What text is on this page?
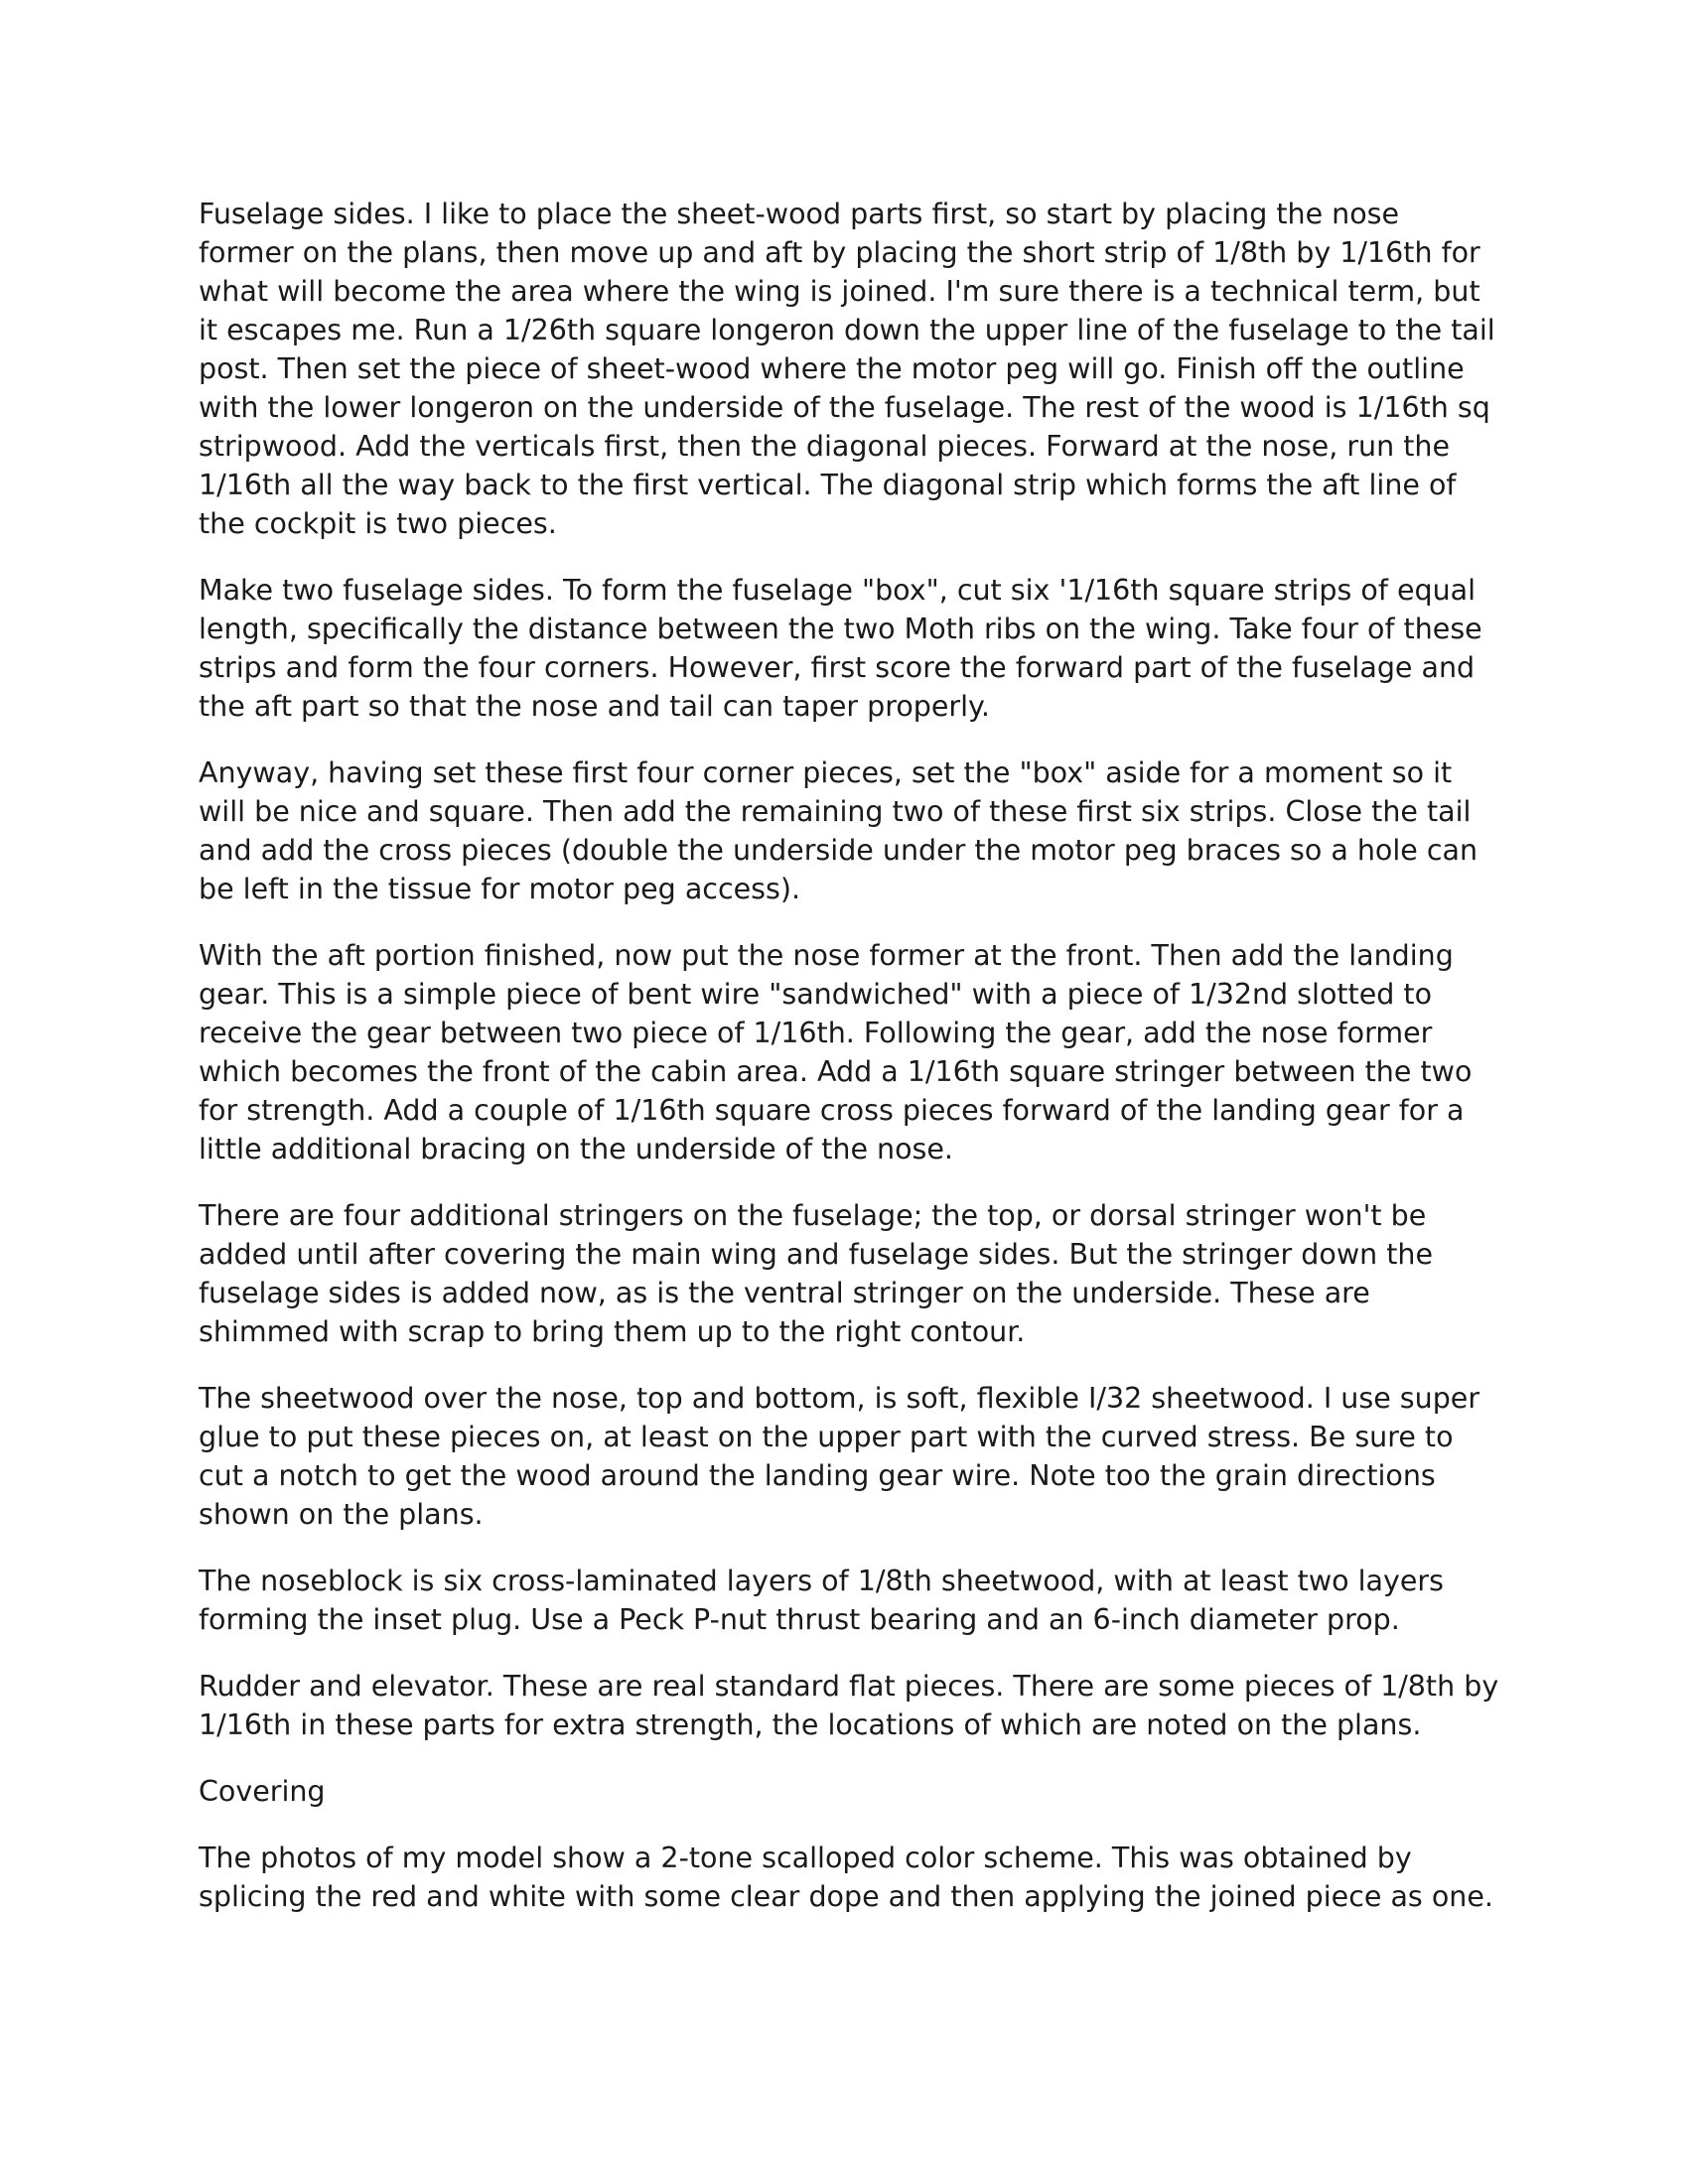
Fuselage sides. I like to place the sheet-wood parts first, so start by placing the nose former on the plans, then move up and aft by placing the short strip of 1/8th by 1/16th for what will become the area where the wing is joined. I'm sure there is a technical term, but it escapes me. Run a 1/26th square longeron down the upper line of the fuselage to the tail post. Then set the piece of sheet-wood where the motor peg will go. Finish off the outline with the lower longeron on the underside of the fuselage. The rest of the wood is 1/16th sq stripwood. Add the verticals first, then the diagonal pieces. Forward at the nose, run the 1/16th all the way back to the first vertical. The diagonal strip which forms the aft line of the cockpit is two pieces.

Make two fuselage sides. To form the fuselage "box", cut six '1/16th square strips of equal length, specifically the distance between the two Moth ribs on the wing. Take four of these strips and form the four corners. However, first score the forward part of the fuselage and the aft part so that the nose and tail can taper properly.

Anyway, having set these first four corner pieces, set the "box" aside for a moment so it will be nice and square. Then add the remaining two of these first six strips. Close the tail and add the cross pieces (double the underside under the motor peg braces so a hole can be left in the tissue for motor peg access).

With the aft portion finished, now put the nose former at the front. Then add the landing gear. This is a simple piece of bent wire "sandwiched" with a piece of 1/32nd slotted to receive the gear between two piece of 1/16th. Following the gear, add the nose former which becomes the front of the cabin area. Add a 1/16th square stringer between the two for strength. Add a couple of 1/16th square cross pieces forward of the landing gear for a little additional bracing on the underside of the nose.

There are four additional stringers on the fuselage; the top, or dorsal stringer won't be added until after covering the main wing and fuselage sides. But the stringer down the fuselage sides is added now, as is the ventral stringer on the underside. These are shimmed with scrap to bring them up to the right contour.

The sheetwood over the nose, top and bottom, is soft, flexible I/32 sheetwood. I use super glue to put these pieces on, at least on the upper part with the curved stress. Be sure to cut a notch to get the wood around the landing gear wire. Note too the grain directions shown on the plans.

The noseblock is six cross-laminated layers of 1/8th sheetwood, with at least two layers forming the inset plug. Use a Peck P-nut thrust bearing and an 6-inch diameter prop.

Rudder and elevator. These are real standard flat pieces. There are some pieces of 1/8th by 1/16th in these parts for extra strength, the locations of which are noted on the plans.

Covering

The photos of my model show a 2-tone scalloped color scheme. This was obtained by splicing the red and white with some clear dope and then applying the joined piece as one.
